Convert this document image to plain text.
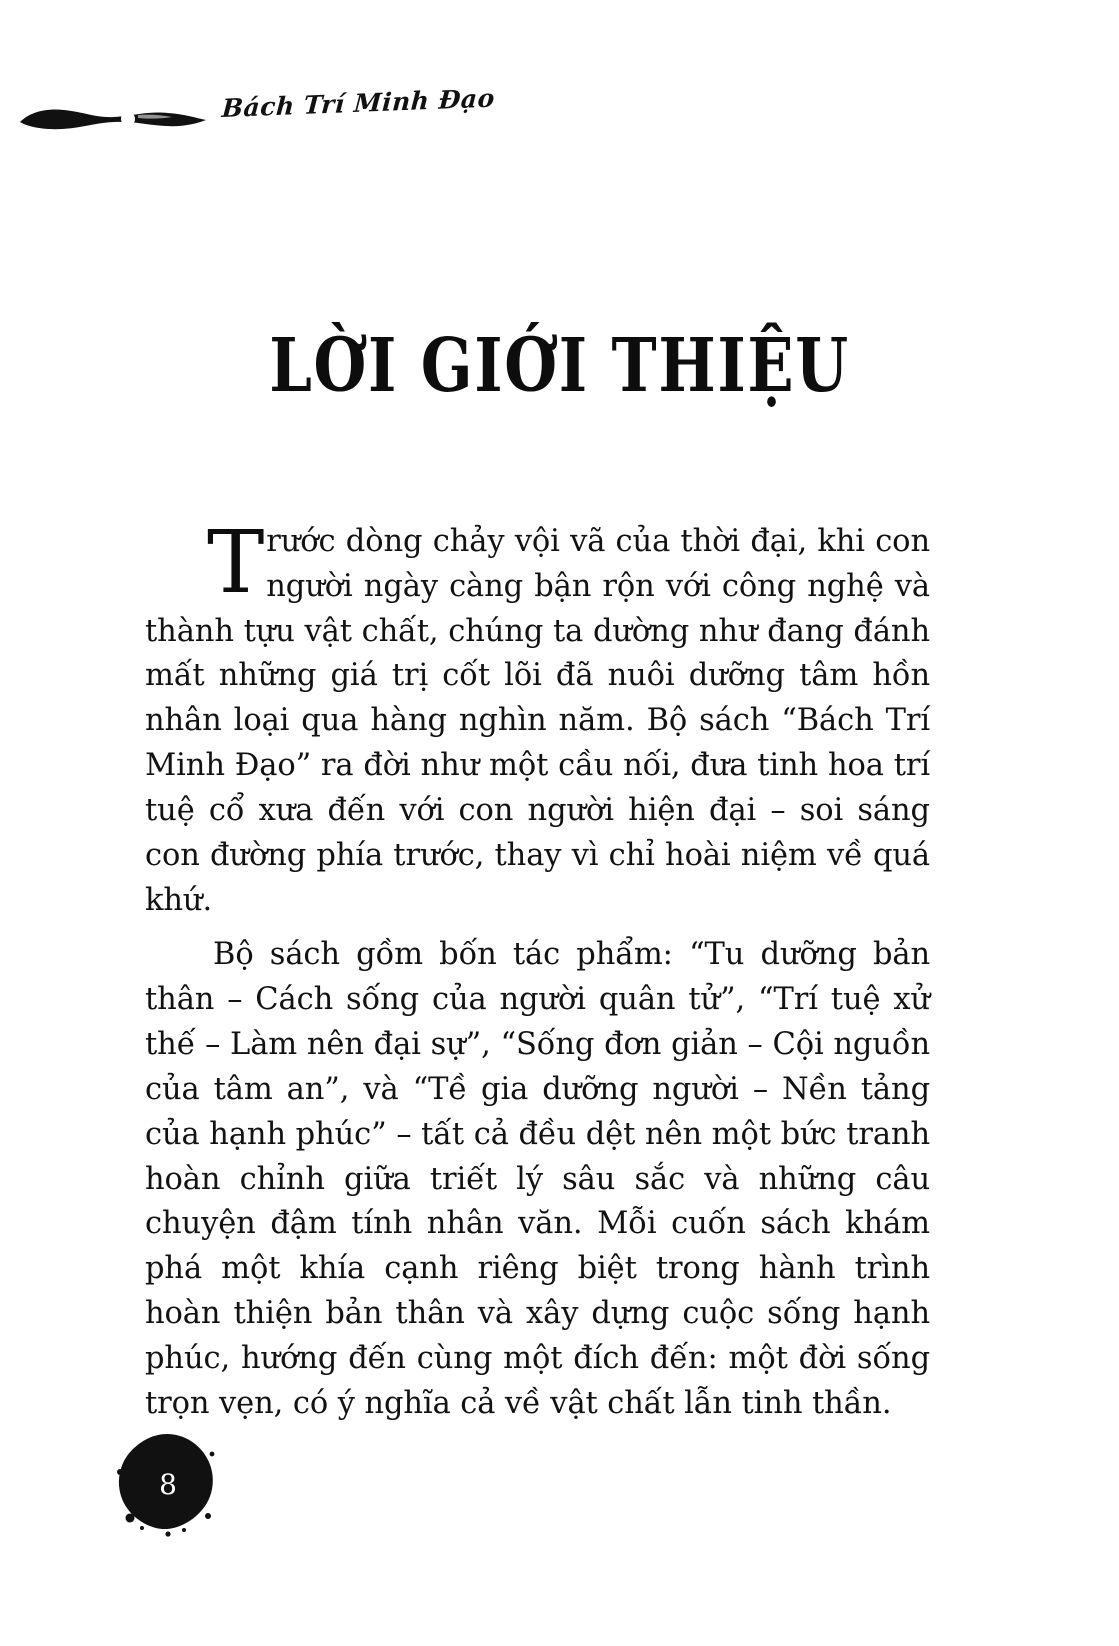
Bách Trí Minh Đạo
LỜI GIỚI THIỆU

Trước dòng chảy vội vã của thời đại, khi con người ngày càng bận rộn với công nghệ và thành tựu vật chất, chúng ta dường như đang đánh mất những giá trị cốt lõi đã nuôi dưỡng tâm hồn nhân loại qua hàng nghìn năm. Bộ sách “Bách Trí Minh Đạo” ra đời như một cầu nối, đưa tinh hoa trí tuệ cổ xưa đến với con người hiện đại – soi sáng con đường phía trước, thay vì chỉ hoài niệm về quá khứ.

Bộ sách gồm bốn tác phẩm: “Tu dưỡng bản thân – Cách sống của người quân tử”, “Trí tuệ xử thế – Làm nên đại sự”, “Sống đơn giản – Cội nguồn của tâm an”, và “Tề gia dưỡng người – Nền tảng của hạnh phúc” – tất cả đều dệt nên một bức tranh hoàn chỉnh giữa triết lý sâu sắc và những câu chuyện đậm tính nhân văn. Mỗi cuốn sách khám phá một khía cạnh riêng biệt trong hành trình hoàn thiện bản thân và xây dựng cuộc sống hạnh phúc, hướng đến cùng một đích đến: một đời sống trọn vẹn, có ý nghĩa cả về vật chất lẫn tinh thần.

8
